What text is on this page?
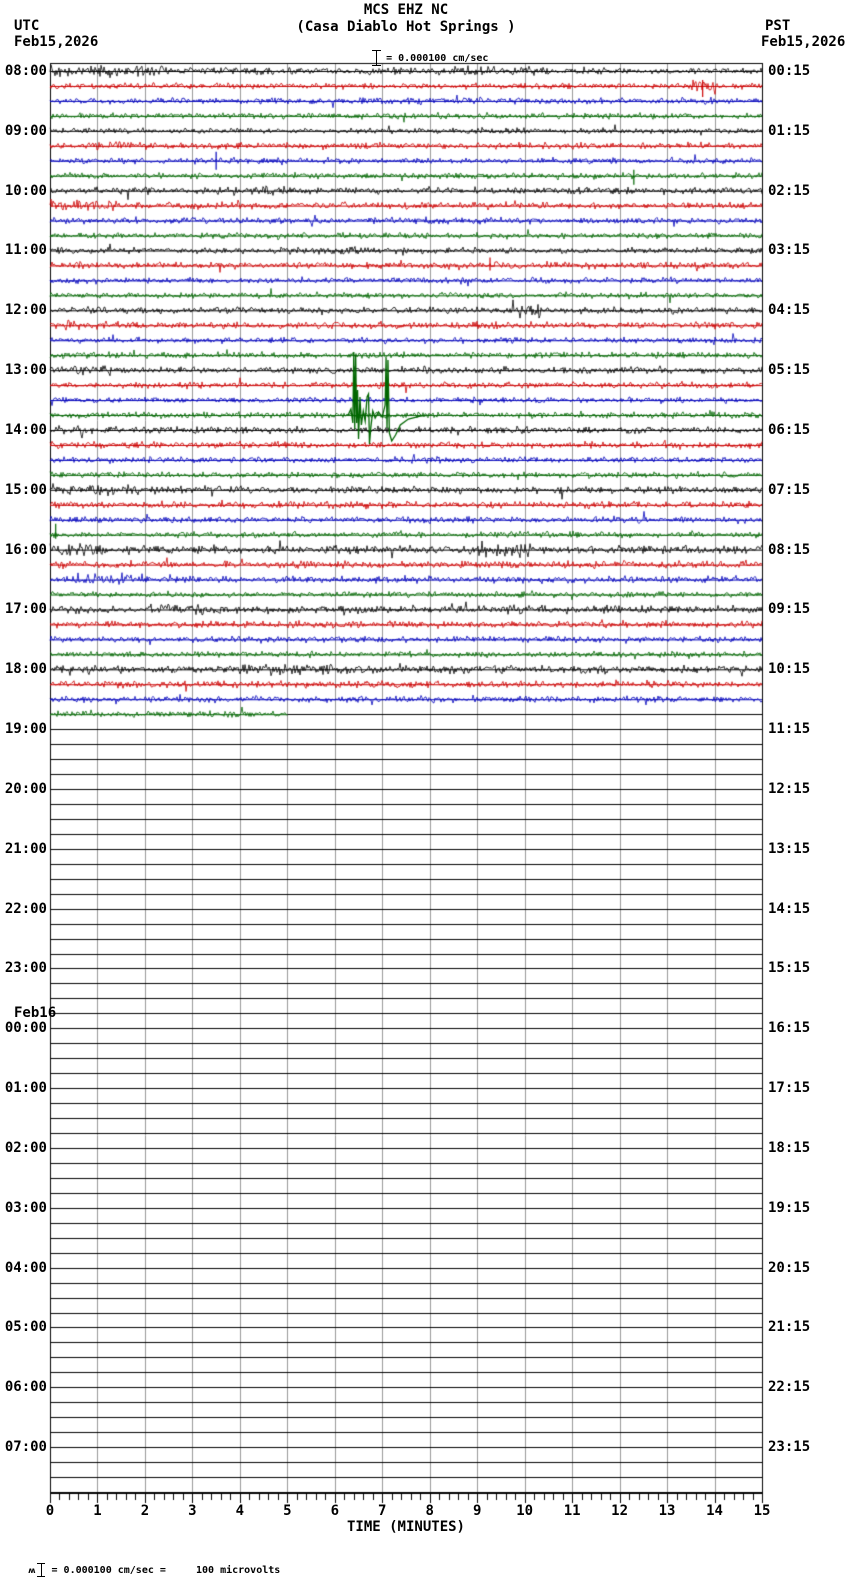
MCS EHZ NC
(Casa Diablo Hot Springs )

= 0.000100 cm/sec

UTC
Feb15,2026
PST
Feb15,2026
08:00
09:00
10:00
11:00
12:00
13:00
14:00
15:00
16:00
17:00
18:00
19:00
20:00
21:00
22:00
23:00
Feb16
00:00
01:00
02:00
03:00
04:00
05:00
06:00
07:00
00:15
01:15
02:15
03:15
04:15
05:15
06:15
07:15
08:15
09:15
10:15
11:15
12:15
13:15
14:15
15:15
16:15
17:15
18:15
19:15
20:15
21:15
22:15
23:15
0	1	2	3	4	5	6	7	8	9	10	11	12	13	14	15
TIME (MINUTES)

ʍ = 0.000100 cm/sec =     100 microvolts
